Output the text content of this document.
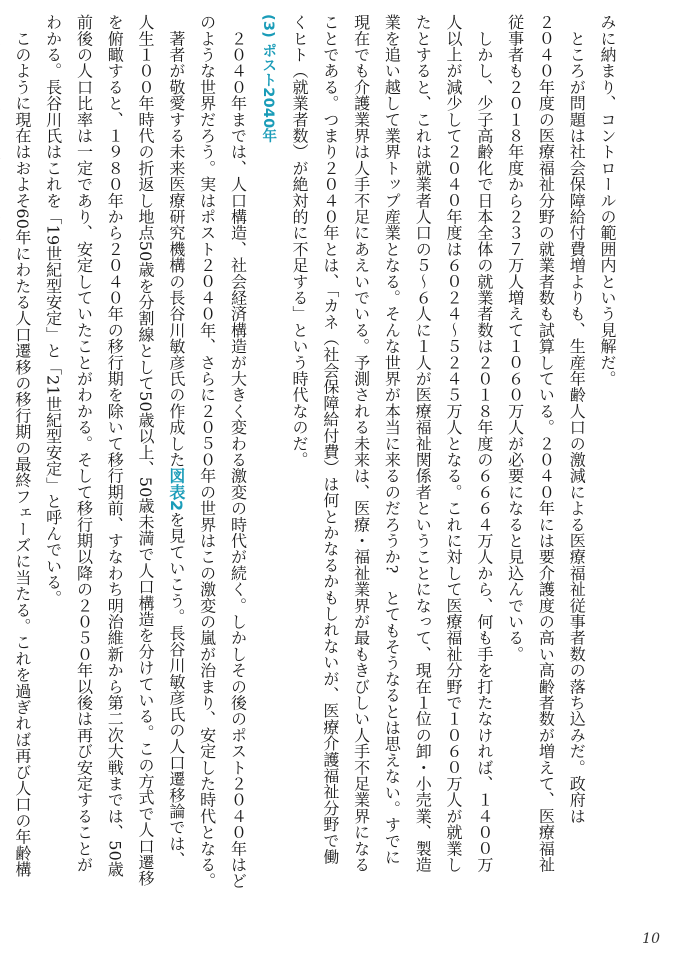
みに納まり、コントロールの範囲内という見解だ。
　ところが問題は社会保障給付費増よりも、生産年齢人口の激減による医療福祉従事者数の落ち込みだ。政府は
２０４０年度の医療福祉分野の就業者数も試算している。２０４０年には要介護度の高い高齢者数が増えて、医療福祉
従事者も２０１８年度から２３７万人増えて１０６０万人が必要になると見込んでいる。
　しかし、少子高齢化で日本全体の就業者数は２０１８年度の６６６４万人から、何も手を打たなければ、１４００万
人以上が減少して２０４０年度は６０２４〜５２４５万人となる。これに対して医療福祉分野で１０６０万人が就業し
たとすると、これは就業者人口の５〜６人に１人が医療福祉関係者ということになって、現在１位の卸・小売業、製造
業を追い越して業界トップ産業となる。そんな世界が本当に来るのだろうか?　とてもそうなるとは思えない。すでに
現在でも介護業界は人手不足にあえいでいる。予測される未来は、医療・福祉業界が最もきびしい人手不足業界になる
ことである。つまり２０４０年とは、「カネ（社会保障給付費）は何とかなるかもしれないが、医療介護福祉分野で働
くヒト（就業者数）が絶対的に不足する」という時代なのだ。
(3) ポスト2040年
　２０４０年までは、人口構造、社会経済構造が大きく変わる激変の時代が続く。しかしその後のポスト２０４０年はど
のような世界だろう。実はポスト２０４０年、さらに２０５０年の世界はこの激変の嵐が治まり、安定した時代となる。
　著者が敬愛する未来医療研究機構の長谷川敏彦氏の作成した図表2を見ていこう。長谷川敏彦氏の人口遷移論では、
人生１００年時代の折返し地点50歳を分割線として50歳以上、50歳未満で人口構造を分けている。この方式で人口遷移
を俯瞰すると、１９８０年から２０４０年の移行期を除いて移行期前、すなわち明治維新から第二次大戦までは、50歳
前後の人口比率は一定であり、安定していたことがわかる。そして移行期以降の２０５０年以後は再び安定することが
わかる。長谷川氏はこれを「19世紀型安定」と「21世紀型安定」と呼んでいる。
　このように現在はおよそ60年にわたる人口遷移の移行期の最終フェーズに当たる。これを過ぎれば再び人口の年齢構
10
